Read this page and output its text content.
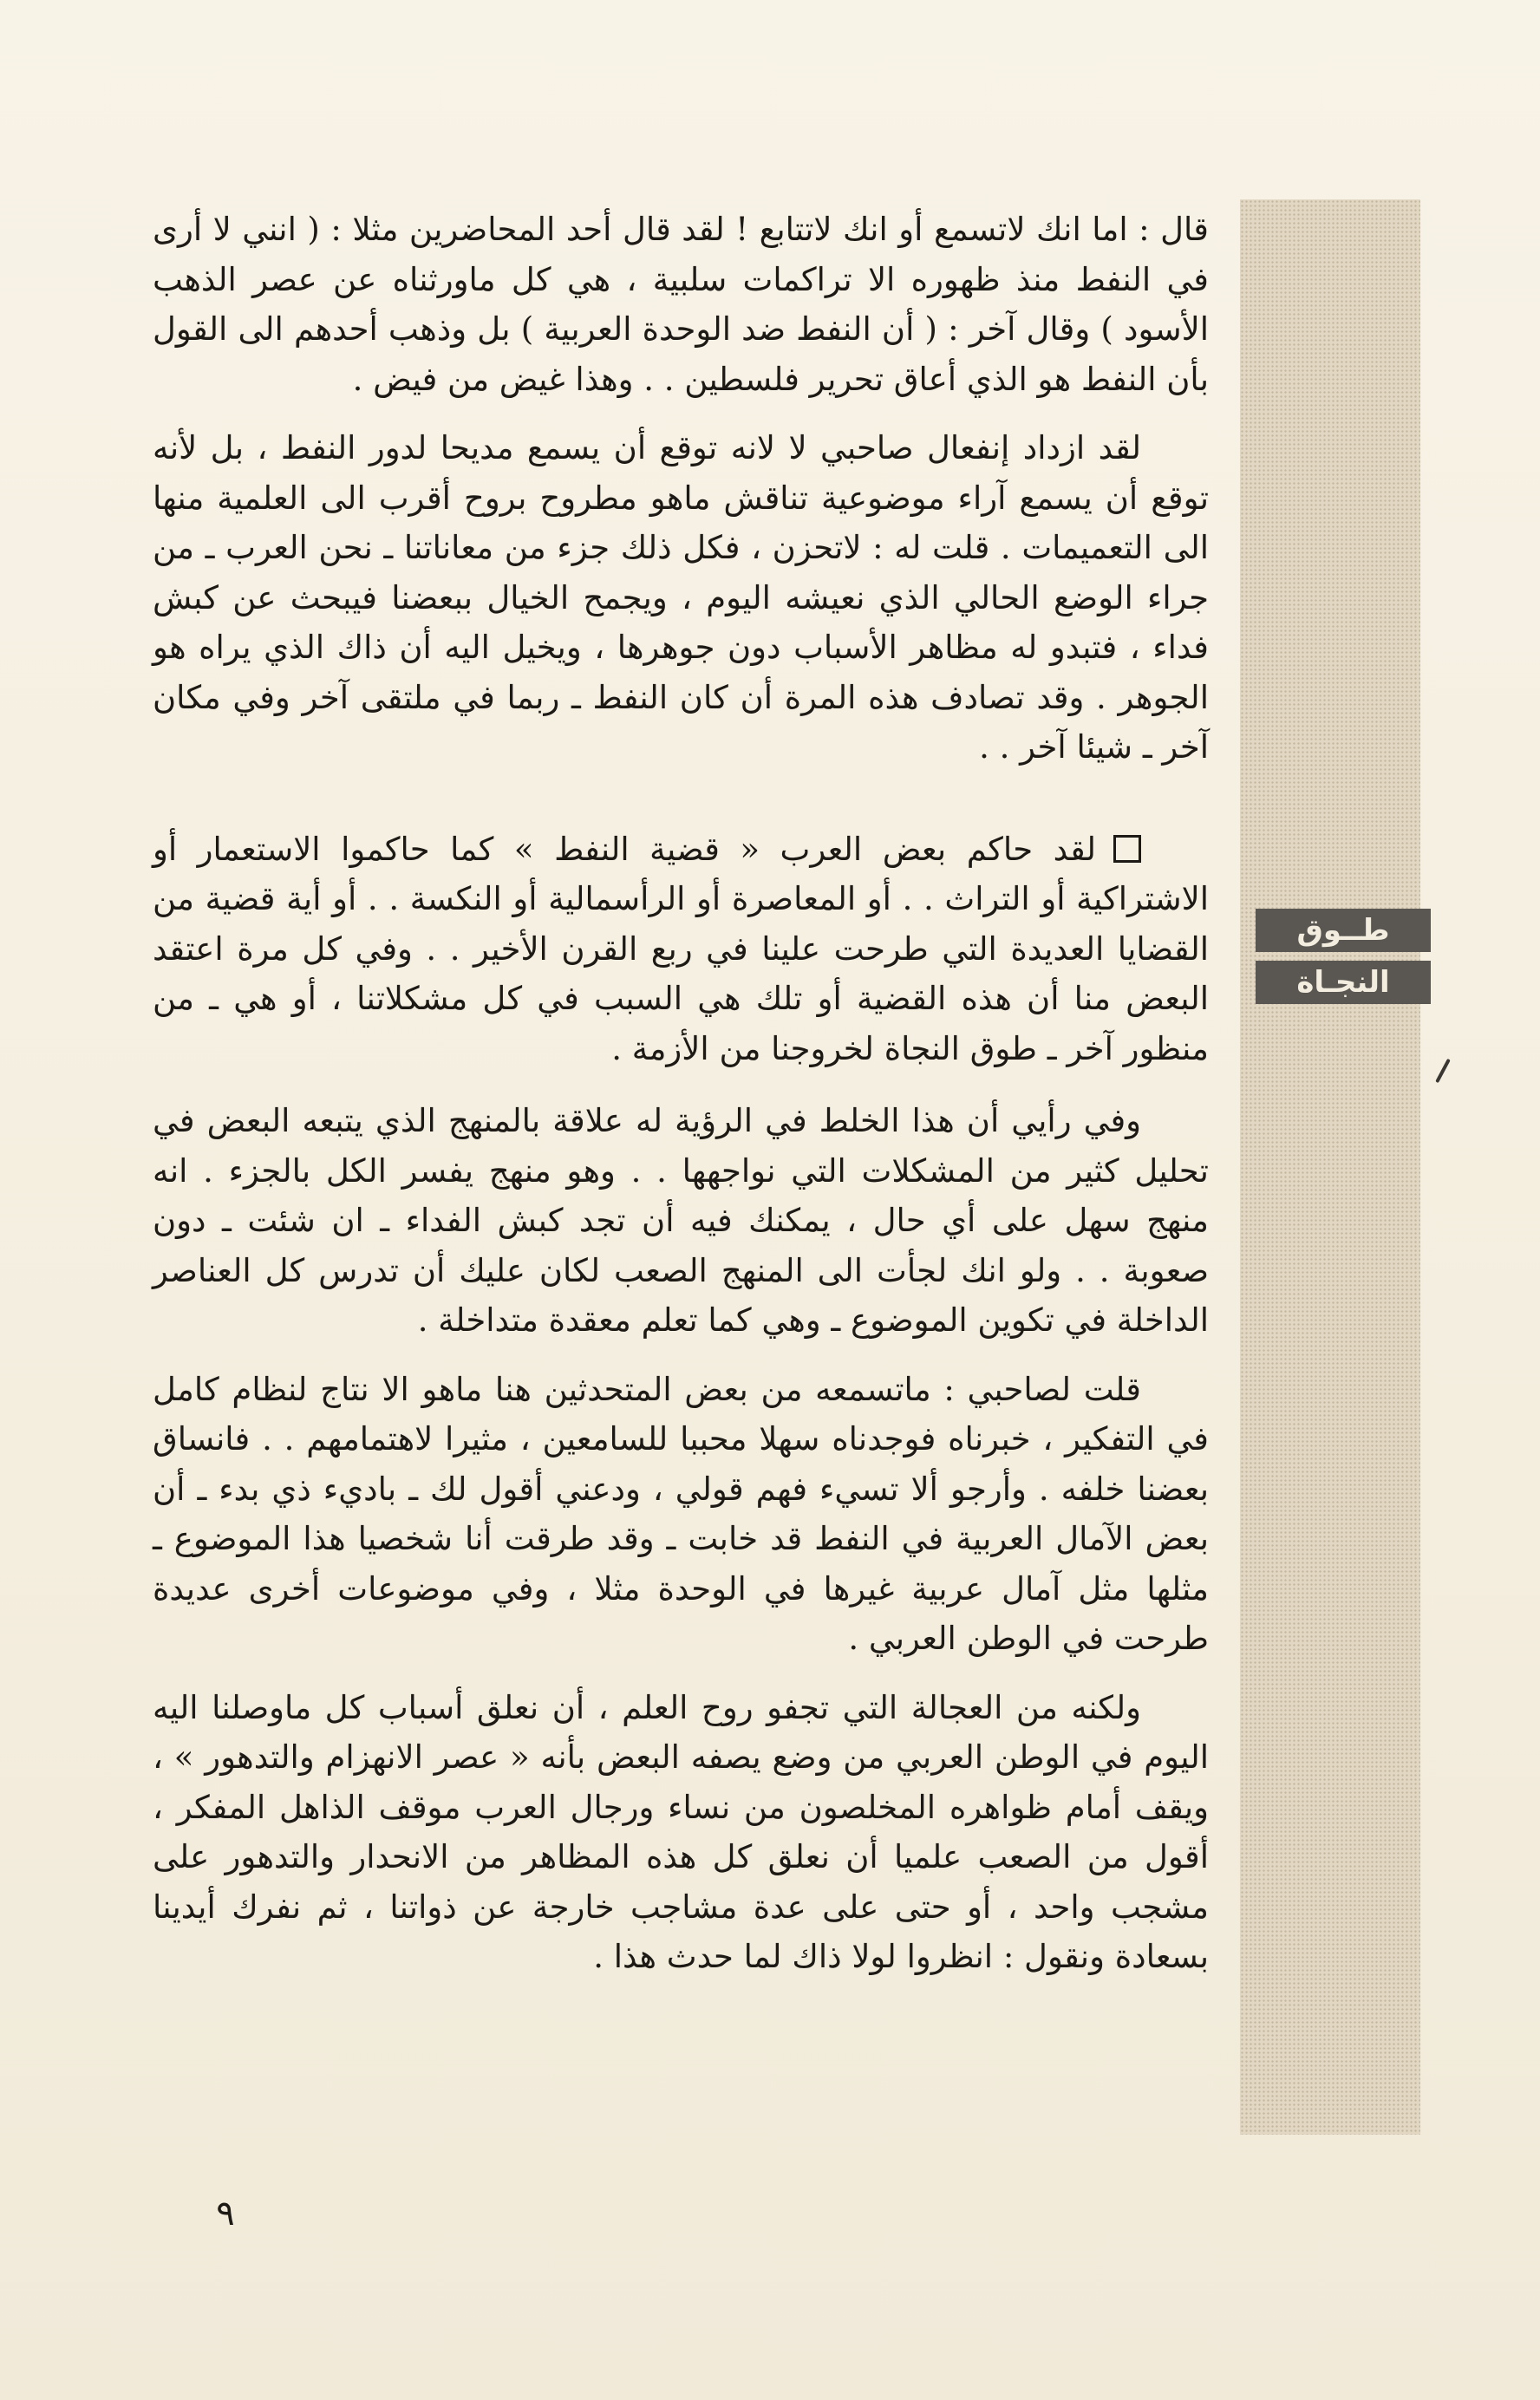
طــوق
النجـاة

قال : اما انك لاتسمع أو انك لاتتابع ! لقد قال أحد المحاضرين مثلا : ( انني لا أرى في النفط منذ ظهوره الا تراكمات سلبية ، هي كل ماورثناه عن عصر الذهب الأسود ) وقال آخر : ( أن النفط ضد الوحدة العربية ) بل وذهب أحدهم الى القول بأن النفط هو الذي أعاق تحرير فلسطين . . وهذا غيض من فيض .

لقد ازداد إنفعال صاحبي لا لانه توقع أن يسمع مديحا لدور النفط ، بل لأنه توقع أن يسمع آراء موضوعية تناقش ماهو مطروح بروح أقرب الى العلمية منها الى التعميمات . قلت له : لاتحزن ، فكل ذلك جزء من معاناتنا ـ نحن العرب ـ من جراء الوضع الحالي الذي نعيشه اليوم ، ويجمح الخيال ببعضنا فيبحث عن كبش فداء ، فتبدو له مظاهر الأسباب دون جوهرها ، ويخيل اليه أن ذاك الذي يراه هو الجوهر . وقد تصادف هذه المرة أن كان النفط ـ ربما في ملتقى آخر وفي مكان آخر ـ شيئا آخر . .

لقد حاكم بعض العرب « قضية النفط » كما حاكموا الاستعمار أو الاشتراكية أو التراث . . أو المعاصرة أو الرأسمالية أو النكسة . . أو أية قضية من القضايا العديدة التي طرحت علينا في ربع القرن الأخير . . وفي كل مرة اعتقد البعض منا أن هذه القضية أو تلك هي السبب في كل مشكلاتنا ، أو هي ـ من منظور آخر ـ طوق النجاة لخروجنا من الأزمة .

وفي رأيي أن هذا الخلط في الرؤية له علاقة بالمنهج الذي يتبعه البعض في تحليل كثير من المشكلات التي نواجهها . . وهو منهج يفسر الكل بالجزء . انه منهج سهل على أي حال ، يمكنك فيه أن تجد كبش الفداء ـ ان شئت ـ دون صعوبة . . ولو انك لجأت الى المنهج الصعب لكان عليك أن تدرس كل العناصر الداخلة في تكوين الموضوع ـ وهي كما تعلم معقدة متداخلة .

قلت لصاحبي : ماتسمعه من بعض المتحدثين هنا ماهو الا نتاج لنظام كامل في التفكير ، خبرناه فوجدناه سهلا محببا للسامعين ، مثيرا لاهتمامهم . . فانساق بعضنا خلفه . وأرجو ألا تسيء فهم قولي ، ودعني أقول لك ـ باديء ذي بدء ـ أن بعض الآمال العربية في النفط قد خابت ـ وقد طرقت أنا شخصيا هذا الموضوع ـ مثلها مثل آمال عربية غيرها في الوحدة مثلا ، وفي موضوعات أخرى عديدة طرحت في الوطن العربي .

ولكنه من العجالة التي تجفو روح العلم ، أن نعلق أسباب كل ماوصلنا اليه اليوم في الوطن العربي من وضع يصفه البعض بأنه « عصر الانهزام والتدهور » ، ويقف أمام ظواهره المخلصون من نساء ورجال العرب موقف الذاهل المفكر ، أقول من الصعب علميا أن نعلق كل هذه المظاهر من الانحدار والتدهور على مشجب واحد ، أو حتى على عدة مشاجب خارجة عن ذواتنا ، ثم نفرك أيدينا بسعادة ونقول : انظروا لولا ذاك لما حدث هذا .

٩
